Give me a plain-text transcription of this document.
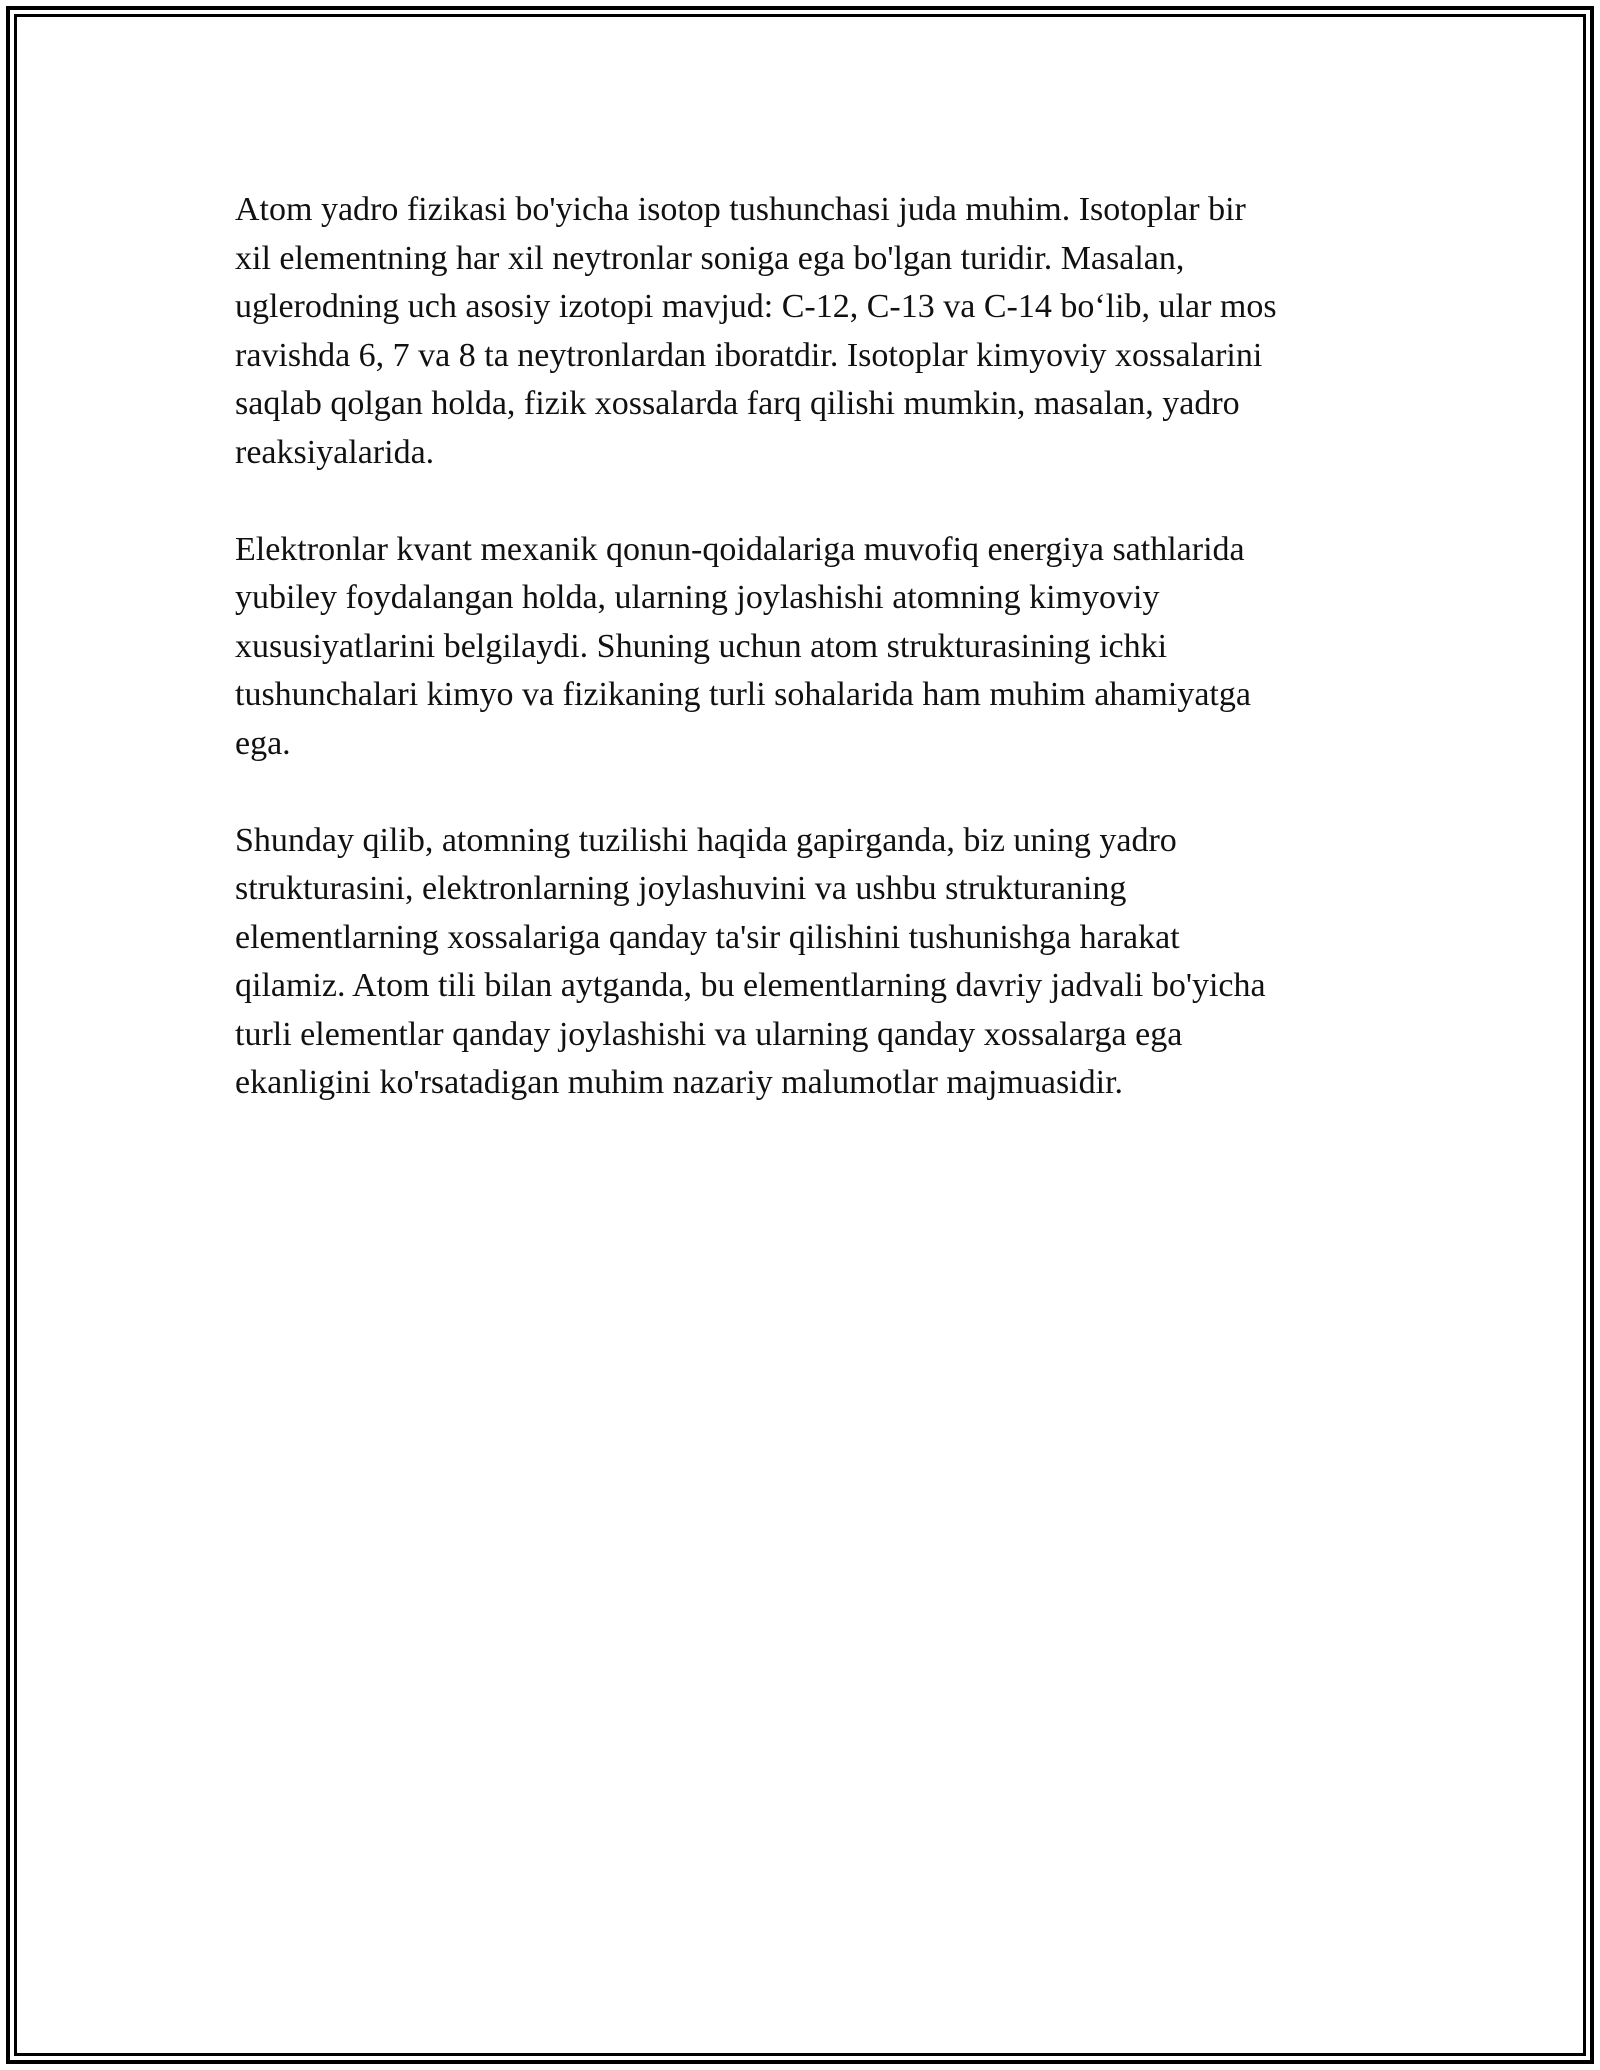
Atom yadro fizikasi bo'yicha isotop tushunchasi juda muhim. Isotoplar bir
xil elementning har xil neytronlar soniga ega bo'lgan turidir. Masalan,
uglerodning uch asosiy izotopi mavjud: C-12, C-13 va C-14 bo‘lib, ular mos
ravishda 6, 7 va 8 ta neytronlardan iboratdir. Isotoplar kimyoviy xossalarini
saqlab qolgan holda, fizik xossalarda farq qilishi mumkin, masalan, yadro
reaksiyalarida.

Elektronlar kvant mexanik qonun-qoidalariga muvofiq energiya sathlarida
yubiley foydalangan holda, ularning joylashishi atomning kimyoviy
xususiyatlarini belgilaydi. Shuning uchun atom strukturasining ichki
tushunchalari kimyo va fizikaning turli sohalarida ham muhim ahamiyatga
ega.

Shunday qilib, atomning tuzilishi haqida gapirganda, biz uning yadro
strukturasini, elektronlarning joylashuvini va ushbu strukturaning
elementlarning xossalariga qanday ta'sir qilishini tushunishga harakat
qilamiz. Atom tili bilan aytganda, bu elementlarning davriy jadvali bo'yicha
turli elementlar qanday joylashishi va ularning qanday xossalarga ega
ekanligini ko'rsatadigan muhim nazariy malumotlar majmuasidir.
